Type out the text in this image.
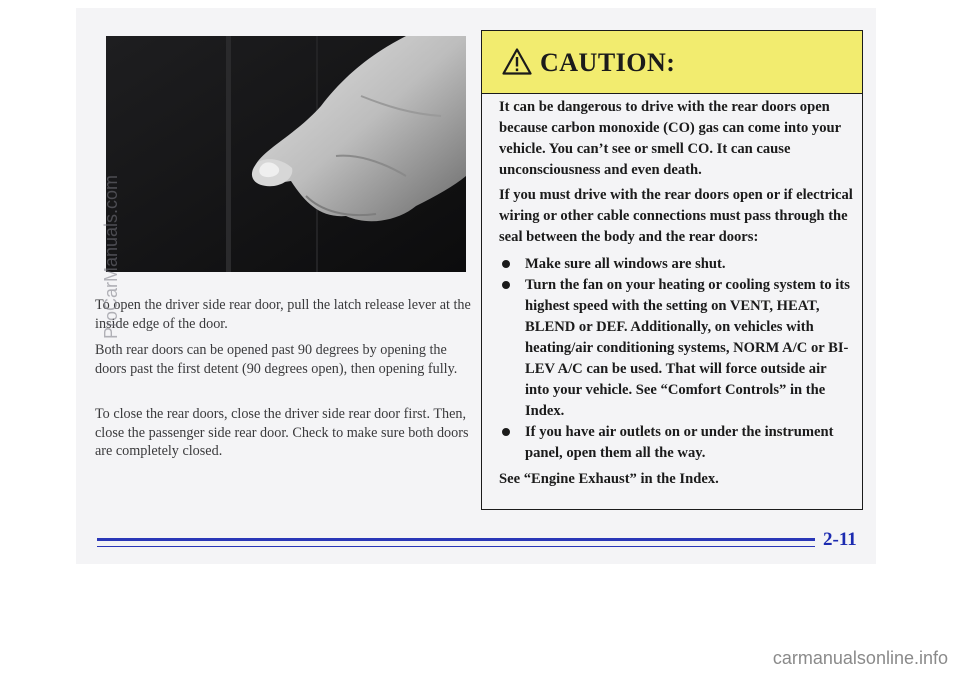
To open the driver side rear door, pull the latch release lever at the inside edge of the door.

Both rear doors can be opened past 90 degrees by opening the doors past the first detent (90 degrees open), then opening fully.

To close the rear doors, close the driver side rear door first. Then, close the passenger side rear door. Check to make sure both doors are completely closed.

CAUTION:

It can be dangerous to drive with the rear doors open because carbon monoxide (CO) gas can come into your vehicle. You can’t see or smell CO. It can cause unconsciousness and even death.

If you must drive with the rear doors open or if electrical wiring or other cable connections must pass through the seal between the body and the rear doors:

Make sure all windows are shut.
Turn the fan on your heating or cooling system to its highest speed with the setting on VENT, HEAT, BLEND or DEF. Additionally, on vehicles with heating/air conditioning systems, NORM A/C or BI-LEV A/C can be used. That will force outside air into your vehicle. See “Comfort Controls” in the Index.
If you have air outlets on or under the instrument panel, open them all the way.

See “Engine Exhaust” in the Index.

2-11
ProCarManuals.com
carmanualsonline.info
